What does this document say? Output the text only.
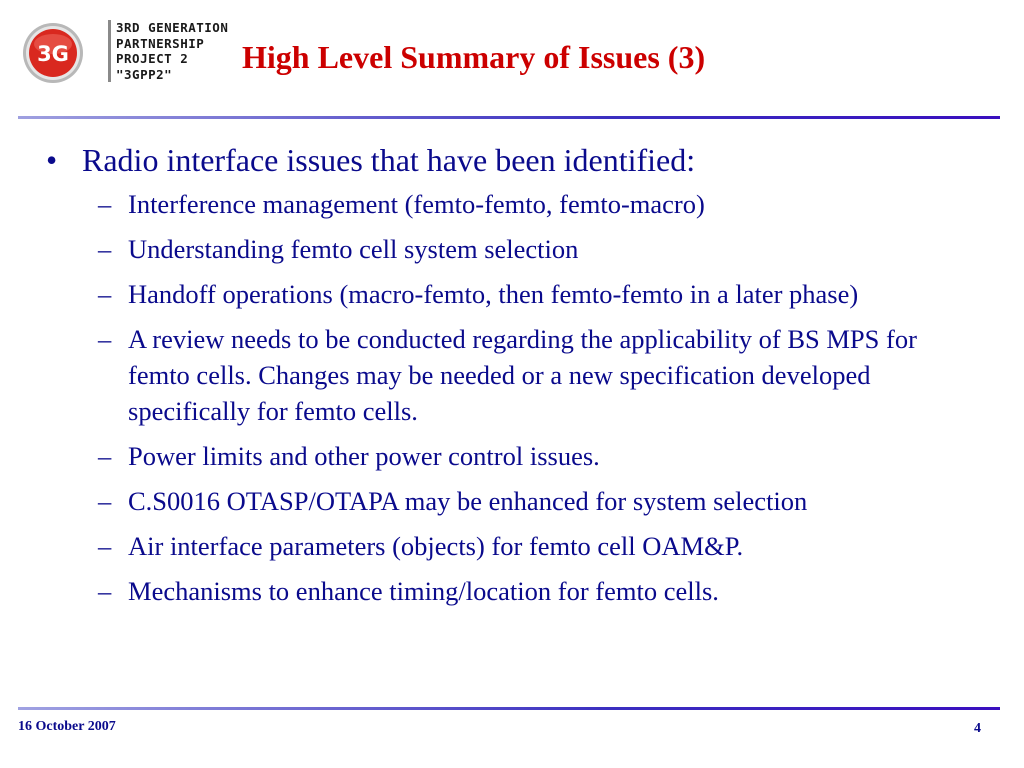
3G
3RD GENERATION
PARTNERSHIP
PROJECT 2
"3GPP2"	High Level Summary of Issues (3)
• Radio interface issues that have been identified:
– Interference management (femto-femto, femto-macro)
– Understanding femto cell system selection
– Handoff operations (macro-femto, then femto-femto in a later phase)
– A review needs to be conducted regarding the applicability of BS MPS for femto cells. Changes may be needed or a new specification developed specifically for femto cells.
– Power limits and other power control issues.
– C.S0016 OTASP/OTAPA may be enhanced for system selection
– Air interface parameters (objects) for femto cell OAM&P.
– Mechanisms to enhance timing/location for femto cells.
16 October 2007	4
